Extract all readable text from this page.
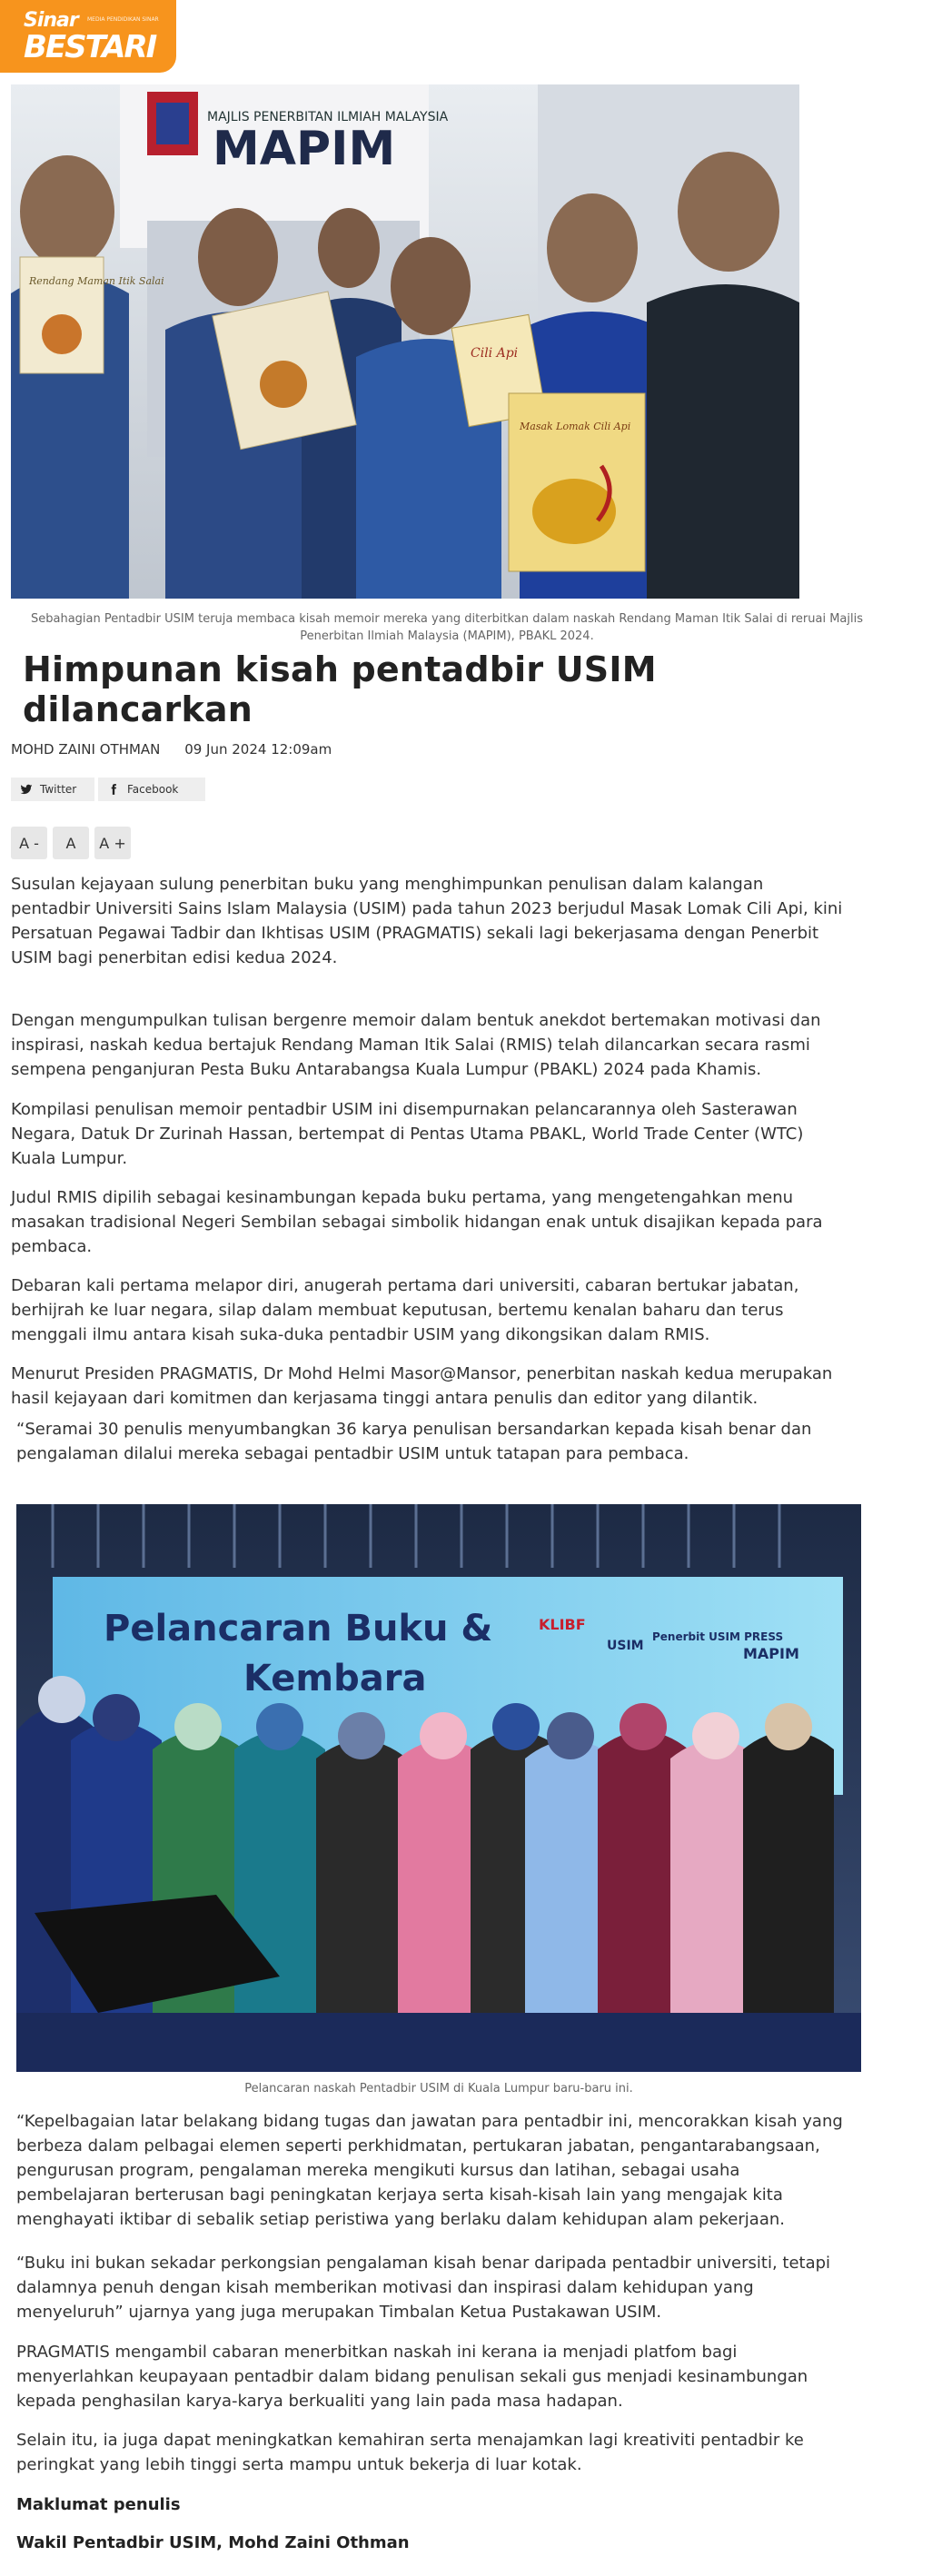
Sinar MEDIA PENDIDIKAN SINAR
BESTARI
MAJLIS PENERBITAN ILMIAH MALAYSIA
MAPIM
Rendang Maman Itik Salai
Cili Api
Masak Lomak Cili Api
Sebahagian Pentadbir USIM teruja membaca kisah memoir mereka yang diterbitkan dalam naskah Rendang Maman Itik Salai di reruai Majlis Penerbitan Ilmiah Malaysia (MAPIM), PBAKL 2024.
Himpunan kisah pentadbir USIM dilancarkan
MOHD ZAINI OTHMAN 09 Jun 2024 12:09am
Twitter	Facebook
A -	A	A +

Susulan kejayaan sulung penerbitan buku yang menghimpunkan penulisan dalam kalangan pentadbir Universiti Sains Islam Malaysia (USIM) pada tahun 2023 berjudul Masak Lomak Cili Api, kini Persatuan Pegawai Tadbir dan Ikhtisas USIM (PRAGMATIS) sekali lagi bekerjasama dengan Penerbit USIM bagi penerbitan edisi kedua 2024.

Dengan mengumpulkan tulisan bergenre memoir dalam bentuk anekdot bertemakan motivasi dan inspirasi, naskah kedua bertajuk Rendang Maman Itik Salai (RMIS) telah dilancarkan secara rasmi sempena penganjuran Pesta Buku Antarabangsa Kuala Lumpur (PBAKL) 2024 pada Khamis.

Kompilasi penulisan memoir pentadbir USIM ini disempurnakan pelancarannya oleh Sasterawan Negara, Datuk Dr Zurinah Hassan, bertempat di Pentas Utama PBAKL, World Trade Center (WTC) Kuala Lumpur.

Judul RMIS dipilih sebagai kesinambungan kepada buku pertama, yang mengetengahkan menu masakan tradisional Negeri Sembilan sebagai simbolik hidangan enak untuk disajikan kepada para pembaca.

Debaran kali pertama melapor diri, anugerah pertama dari universiti, cabaran bertukar jabatan, berhijrah ke luar negara, silap dalam membuat keputusan, bertemu kenalan baharu dan terus menggali ilmu antara kisah suka-duka pentadbir USIM yang dikongsikan dalam RMIS.

Menurut Presiden PRAGMATIS, Dr Mohd Helmi Masor@Mansor, penerbitan naskah kedua merupakan hasil kejayaan dari komitmen dan kerjasama tinggi antara penulis dan editor yang dilantik.

“Seramai 30 penulis menyumbangkan 36 karya penulisan bersandarkan kepada kisah benar dan pengalaman dilalui mereka sebagai pentadbir USIM untuk tatapan para pembaca.

Pelancaran Buku &
Kembara
KLIBF
USIM
Penerbit USIM PRESS
MAPIM
Pelancaran naskah Pentadbir USIM di Kuala Lumpur baru-baru ini.

“Kepelbagaian latar belakang bidang tugas dan jawatan para pentadbir ini, mencorakkan kisah yang berbeza dalam pelbagai elemen seperti perkhidmatan, pertukaran jabatan, pengantarabangsaan, pengurusan program, pengalaman mereka mengikuti kursus dan latihan, sebagai usaha pembelajaran berterusan bagi peningkatan kerjaya serta kisah-kisah lain yang mengajak kita menghayati iktibar di sebalik setiap peristiwa yang berlaku dalam kehidupan alam pekerjaan.

“Buku ini bukan sekadar perkongsian pengalaman kisah benar daripada pentadbir universiti, tetapi dalamnya penuh dengan kisah memberikan motivasi dan inspirasi dalam kehidupan yang menyeluruh” ujarnya yang juga merupakan Timbalan Ketua Pustakawan USIM.

PRAGMATIS mengambil cabaran menerbitkan naskah ini kerana ia menjadi platfom bagi menyerlahkan keupayaan pentadbir dalam bidang penulisan sekali gus menjadi kesinambungan kepada penghasilan karya-karya berkualiti yang lain pada masa hadapan.

Selain itu, ia juga dapat meningkatkan kemahiran serta menajamkan lagi kreativiti pentadbir ke peringkat yang lebih tinggi serta mampu untuk bekerja di luar kotak.

Maklumat penulis

Wakil Pentadbir USIM, Mohd Zaini Othman
